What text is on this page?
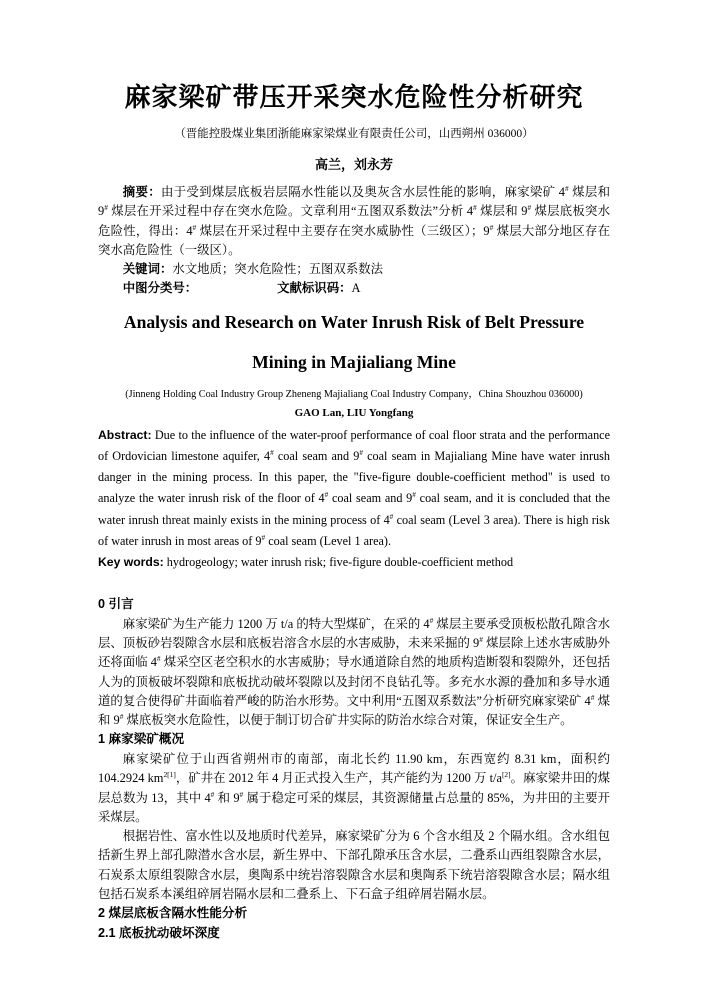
麻家梁矿带压开采突水危险性分析研究
（晋能控股煤业集团浙能麻家梁煤业有限责任公司，山西朔州 036000）
高兰，刘永芳

摘要：由于受到煤层底板岩层隔水性能以及奥灰含水层性能的影响，麻家梁矿 4# 煤层和 9# 煤层在开采过程中存在突水危险。文章利用“五图双系数法”分析 4# 煤层和 9# 煤层底板突水危险性，得出：4# 煤层在开采过程中主要存在突水威胁性（三级区）；9# 煤层大部分地区存在突水高危险性（一级区）。

关键词：水文地质；突水危险性；五图双系数法

中图分类号：	文献标识码：A

Analysis and Research on Water Inrush Risk of Belt Pressure Mining in Majialiang Mine
(Jinneng Holding Coal Industry Group Zheneng Majialiang Coal Industry Company，China Shouzhou 036000)
GAO Lan, LIU Yongfang

Abstract: Due to the influence of the water-proof performance of coal floor strata and the performance of Ordovician limestone aquifer, 4# coal seam and 9# coal seam in Majialiang Mine have water inrush danger in the mining process. In this paper, the "five-figure double-coefficient method" is used to analyze the water inrush risk of the floor of 4# coal seam and 9# coal seam, and it is concluded that the water inrush threat mainly exists in the mining process of 4# coal seam (Level 3 area). There is high risk of water inrush in most areas of 9# coal seam (Level 1 area).

Key words: hydrogeology; water inrush risk; five-figure double-coefficient method

0 引言

麻家梁矿为生产能力 1200 万 t/a 的特大型煤矿，在采的 4# 煤层主要承受顶板松散孔隙含水层、顶板砂岩裂隙含水层和底板岩溶含水层的水害威胁，未来采掘的 9# 煤层除上述水害威胁外还将面临 4# 煤采空区老空积水的水害威胁；导水通道除自然的地质构造断裂和裂隙外，还包括人为的顶板破坏裂隙和底板扰动破坏裂隙以及封闭不良钻孔等。多充水水源的叠加和多导水通道的复合使得矿井面临着严峻的防治水形势。文中利用“五图双系数法”分析研究麻家梁矿 4# 煤和 9# 煤底板突水危险性，以便于制订切合矿井实际的防治水综合对策，保证安全生产。

1 麻家梁矿概况

麻家梁矿位于山西省朔州市的南部，南北长约 11.90 km，东西宽约 8.31 km，面积约 104.2924 $km^{2[1]}$，矿井在 2012 年 4 月正式投入生产，其产能约为 1200 万 t/a[2]。麻家梁井田的煤层总数为 13，其中 4# 和 9# 属于稳定可采的煤层，其资源储量占总量的 85%，为井田的主要开采煤层。

根据岩性、富水性以及地质时代差异，麻家梁矿分为 6 个含水组及 2 个隔水组。含水组包括新生界上部孔隙潜水含水层，新生界中、下部孔隙承压含水层，二叠系山西组裂隙含水层，石炭系太原组裂隙含水层，奥陶系中统岩溶裂隙含水层和奥陶系下统岩溶裂隙含水层；隔水组包括石炭系本溪组碎屑岩隔水层和二叠系上、下石盒子组碎屑岩隔水层。

2 煤层底板含隔水性能分析
2.1 底板扰动破坏深度
